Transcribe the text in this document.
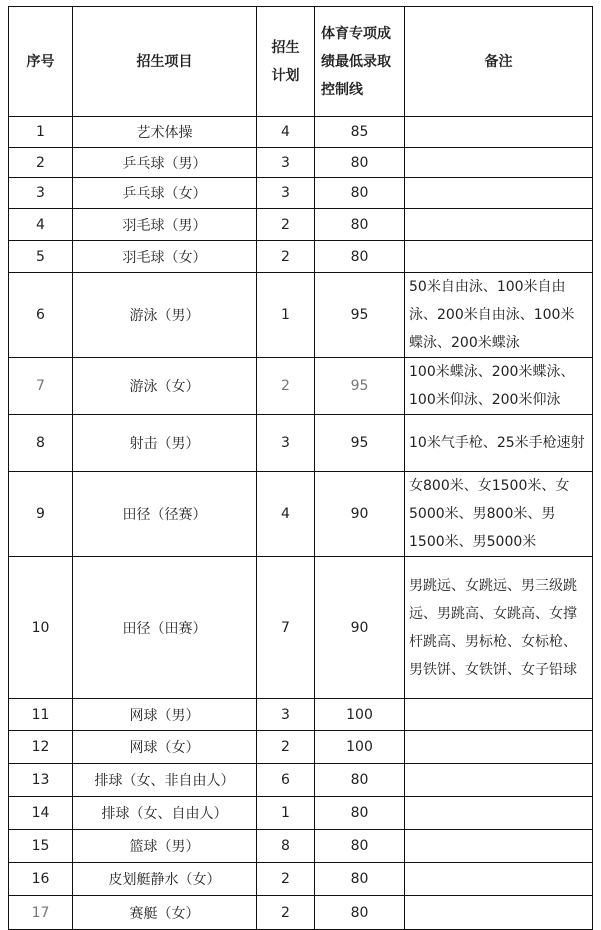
序号	招生项目	招生计划	体育专项成绩最低录取控制线	备注
1	艺术体操	4	85	
2	乒乓球（男）	3	80	
3	乒乓球（女）	3	80	
4	羽毛球（男）	2	80	
5	羽毛球（女）	2	80	
6	游泳（男）	1	95	50米自由泳、100米自由泳、200米自由泳、100米蝶泳、200米蝶泳
7	游泳（女）	2	95	100米蝶泳、200米蝶泳、100米仰泳、200米仰泳
8	射击（男）	3	95	10米气手枪、25米手枪速射
9	田径（径赛）	4	90	女800米、女1500米、女5000米、男800米、男1500米、男5000米
10	田径（田赛）	7	90	男跳远、女跳远、男三级跳远、男跳高、女跳高、女撑杆跳高、男标枪、女标枪、男铁饼、女铁饼、女子铅球
11	网球（男）	3	100	
12	网球（女）	2	100	
13	排球（女、非自由人）	6	80	
14	排球（女、自由人）	1	80	
15	篮球（男）	8	80	
16	皮划艇静水（女）	2	80	
17	赛艇（女）	2	80	
